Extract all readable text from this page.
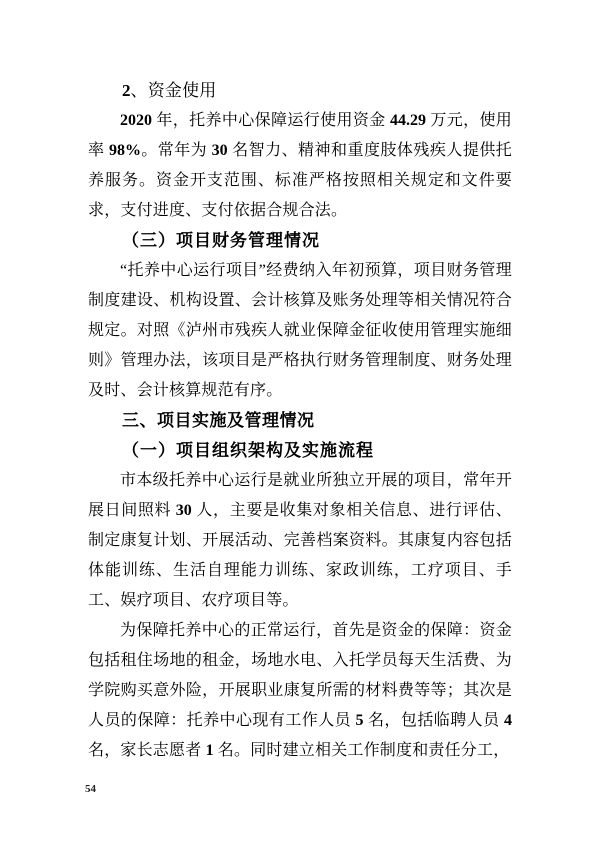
2、资金使用

2020 年，托养中心保障运行使用资金 44.29 万元，使用率 98%。常年为 30 名智力、精神和重度肢体残疾人提供托养服务。资金开支范围、标准严格按照相关规定和文件要求，支付进度、支付依据合规合法。

（三）项目财务管理情况

“托养中心运行项目”经费纳入年初预算，项目财务管理制度建设、机构设置、会计核算及账务处理等相关情况符合规定。对照《泸州市残疾人就业保障金征收使用管理实施细则》管理办法，该项目是严格执行财务管理制度、财务处理及时、会计核算规范有序。

三、项目实施及管理情况

（一）项目组织架构及实施流程

市本级托养中心运行是就业所独立开展的项目，常年开展日间照料 30 人，主要是收集对象相关信息、进行评估、制定康复计划、开展活动、完善档案资料。其康复内容包括体能训练、生活自理能力训练、家政训练，工疗项目、手工、娱疗项目、农疗项目等。

为保障托养中心的正常运行，首先是资金的保障：资金包括租住场地的租金，场地水电、入托学员每天生活费、为学院购买意外险，开展职业康复所需的材料费等等；其次是人员的保障：托养中心现有工作人员 5 名，包括临聘人员 4 名，家长志愿者 1 名。同时建立相关工作制度和责任分工，

54
